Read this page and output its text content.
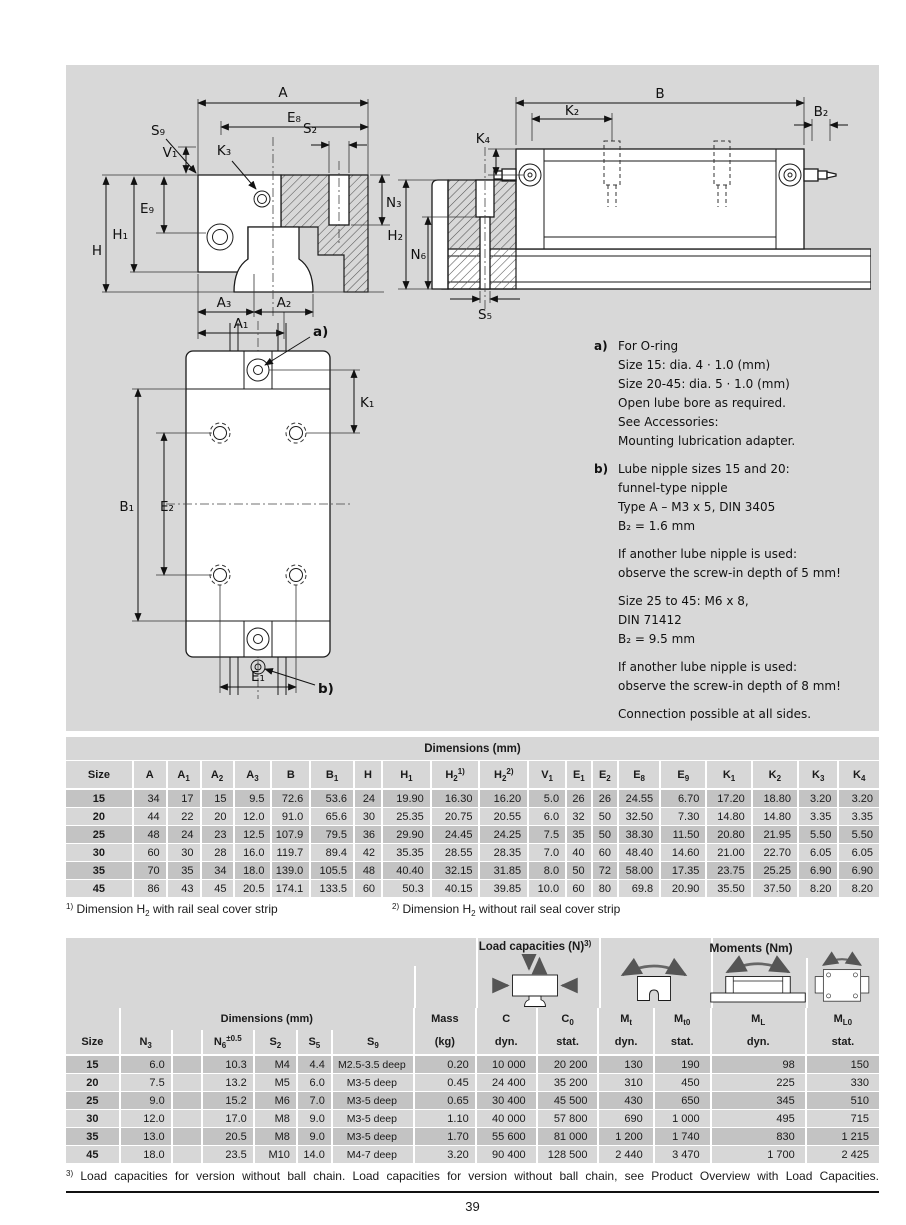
A
E₈
S₉
V₁	K₃
S₂
N₃
E₉
H₁
H
A₃	A₂
A₁
B
K₂	B₂
K₄
H₂
N₆
S₅
a)
K₁
B₁ E₂
E₁
b)
a) For O-ring
Size 15: dia. 4 · 1.0 (mm)
Size 20-45: dia. 5 · 1.0 (mm)
Open lube bore as required.
See Accessories:
Mounting lubrication adapter.
b) Lube nipple sizes 15 and 20:
funnel-type nipple
Type A – M3 x 5, DIN 3405
B₂ = 1.6 mm
If another lube nipple is used:
observe the screw-in depth of 5 mm!
Size 25 to 45: M6 x 8,
DIN 71412
B₂ = 9.5 mm
If another lube nipple is used:
observe the screw-in depth of 8 mm!
Connection possible at all sides.
Dimensions (mm)																			
Size	A	$A_1$	$A_2$	$A_3$	B	$B_1$	H	$H_1$	$H_2^{1)}$	$H_2^{2)}$	$V_1$	$E_1$	$E_2$	$E_8$	$E_9$	$K_1$	$K_2$	$K_3$	$K_4$
15	34	17	15	9.5	72.6	53.6	24	19.90	16.30	16.20	5.0	26	26	24.55	6.70	17.20	18.80	3.20	3.20
20	44	22	20	12.0	91.0	65.6	30	25.35	20.75	20.55	6.0	32	50	32.50	7.30	14.80	14.80	3.35	3.35
25	48	24	23	12.5	107.9	79.5	36	29.90	24.45	24.25	7.5	35	50	38.30	11.50	20.80	21.95	5.50	5.50
30	60	30	28	16.0	119.7	89.4	42	35.35	28.55	28.35	7.0	40	60	48.40	14.60	21.00	22.70	6.05	6.05
35	70	35	34	18.0	139.0	105.5	48	40.40	32.15	31.85	8.0	50	72	58.00	17.35	23.75	25.25	6.90	6.90
45	86	43	45	20.5	174.1	133.5	60	50.3	40.15	39.85	10.0	60	80	69.8	20.90	35.50	37.50	8.20	8.20
$^{1)}$ Dimension $H_2$ with rail seal cover strip	$^{2)}$ Dimension $H_2$ without rail seal cover strip
Load capacities $(N)^{3)}$	Moments (Nm)
	Dimensions (mm)						Mass	C	$C_0$	$M_t$	$M_{t0}$	$M_L$	$M_{L0}$
Size	$N_3$		$N_6^{\pm 0.5}$	$S_2$	$S_5$	$S_9$	(kg)	dyn.	stat.	dyn.	stat.	dyn.	stat.
15	6.0		10.3	M4	4.4	M2.5-3.5 deep	0.20	10 000	20 200	130	190	98	150
20	7.5		13.2	M5	6.0	M3-5 deep	0.45	24 400	35 200	310	450	225	330
25	9.0		15.2	M6	7.0	M3-5 deep	0.65	30 400	45 500	430	650	345	510
30	12.0		17.0	M8	9.0	M3-5 deep	1.10	40 000	57 800	690	1 000	495	715
35	13.0		20.5	M8	9.0	M3-5 deep	1.70	55 600	81 000	1 200	1 740	830	1 215
45	18.0		23.5	M10	14.0	M4-7 deep	3.20	90 400	128 500	2 440	3 470	1 700	2 425
$^{3)}$ Load capacities for version without ball chain. Load capacities for version without ball chain, see Product Overview with Load Capacities.
39
